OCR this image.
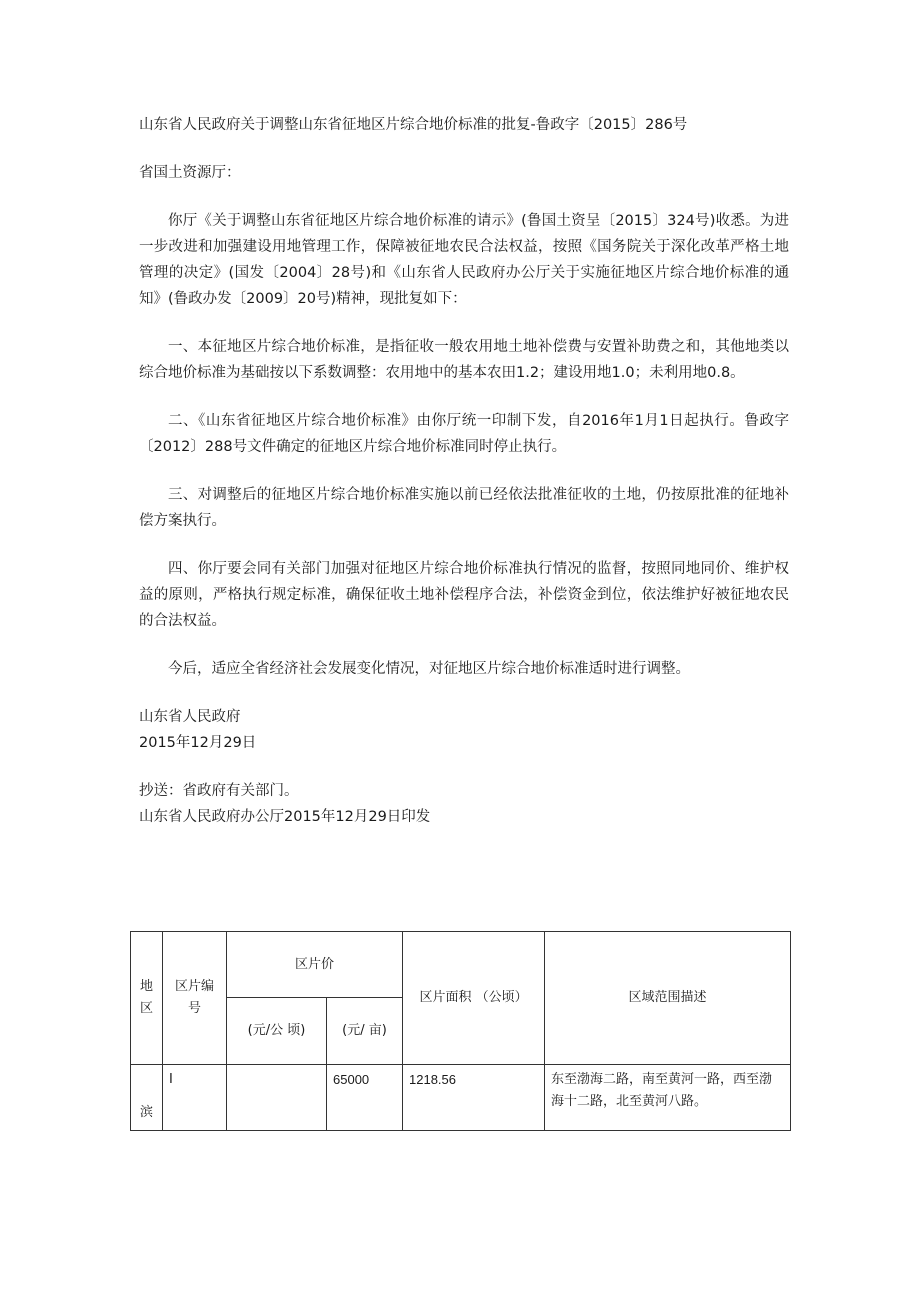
山东省人民政府关于调整山东省征地区片综合地价标准的批复-鲁政字〔2015〕286号

省国土资源厅：

你厅《关于调整山东省征地区片综合地价标准的请示》(鲁国土资呈〔2015〕324号)收悉。为进一步改进和加强建设用地管理工作，保障被征地农民合法权益，按照《国务院关于深化改革严格土地管理的决定》(国发〔2004〕28号)和《山东省人民政府办公厅关于实施征地区片综合地价标准的通知》(鲁政办发〔2009〕20号)精神，现批复如下：

一、本征地区片综合地价标准，是指征收一般农用地土地补偿费与安置补助费之和，其他地类以综合地价标准为基础按以下系数调整：农用地中的基本农田1.2；建设用地1.0；未利用地0.8。

二、《山东省征地区片综合地价标准》由你厅统一印制下发，自2016年1月1日起执行。鲁政字〔2012〕288号文件确定的征地区片综合地价标准同时停止执行。

三、对调整后的征地区片综合地价标准实施以前已经依法批准征收的土地，仍按原批准的征地补偿方案执行。

四、你厅要会同有关部门加强对征地区片综合地价标准执行情况的监督，按照同地同价、维护权益的原则，严格执行规定标准，确保征收土地补偿程序合法，补偿资金到位，依法维护好被征地农民的合法权益。

今后，适应全省经济社会发展变化情况，对征地区片综合地价标准适时进行调整。

山东省人民政府

2015年12月29日

抄送：省政府有关部门。

山东省人民政府办公厅2015年12月29日印发

地区	区片编号	区片价		区片面积 （公顷）	区域范围描述
		(元/公 顷)	(元/ 亩)		
滨	Ⅰ		65000	1218.56	东至渤海二路，南至黄河一路，西至渤海十二路，北至黄河八路。
